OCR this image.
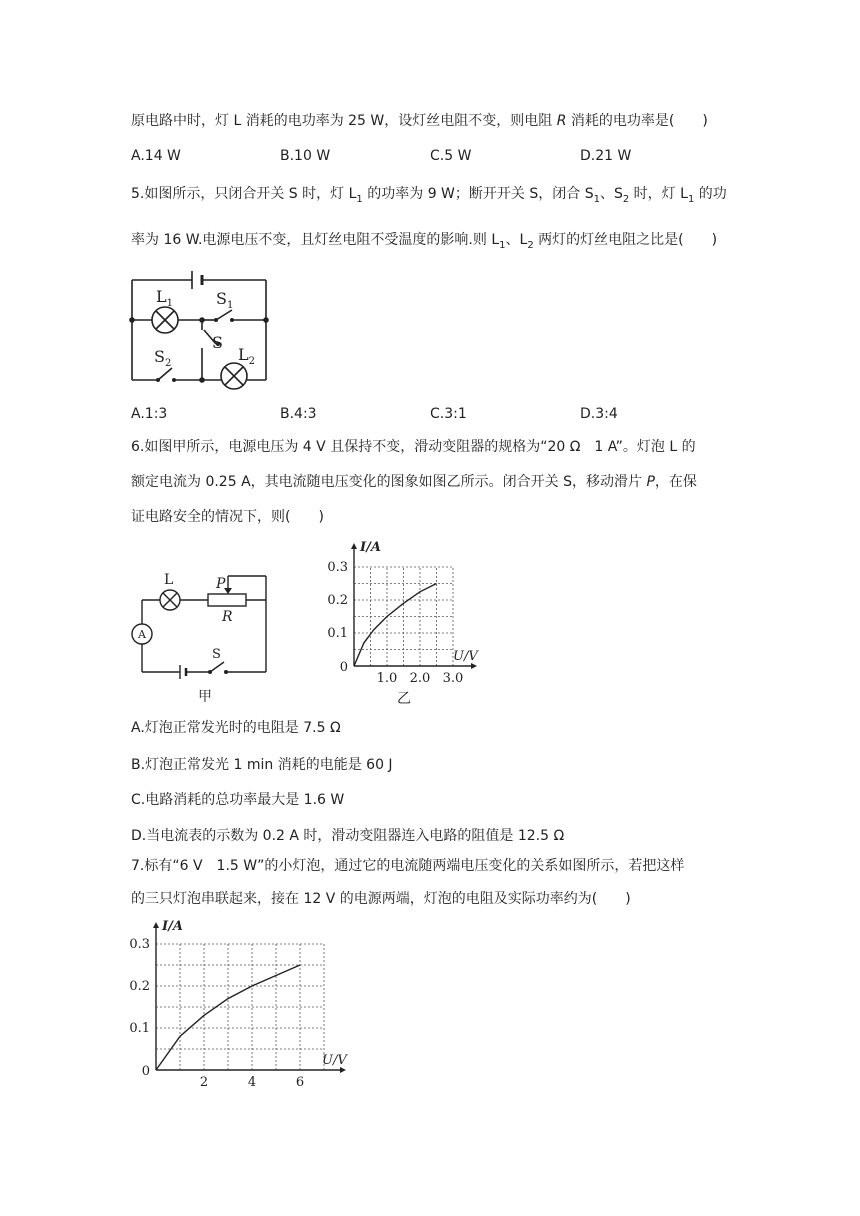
原电路中时，灯 L 消耗的电功率为 25 W，设灯丝电阻不变，则电阻 R 消耗的电功率是(　　)
A.14 W	B.10 W	C.5 W	D.21 W
5.如图所示，只闭合开关 S 时，灯 $L_1$ 的功率为 9 W；断开开关 S，闭合 $S_1$、$S_2$ 时，灯 $L_1$ 的功
率为 16 W.电源电压不变，且灯丝电阻不受温度的影响.则 $L_1$、$L_2$ 两灯的灯丝电阻之比是(　　)
$L_1$	$S_1$
S
$S_2$	$L_2$
A.1:3	B.4:3	C.3:1	D.3:4
6.如图甲所示，电源电压为 4 V 且保持不变，滑动变阻器的规格为“20 Ω　1 A”。灯泡 L 的
额定电流为 0.25 A，其电流随电压变化的图象如图乙所示。闭合开关 S，移动滑片 P，在保
证电路安全的情况下，则(　　)
L	P
R
A
S
甲
1.0 2.0 3.0
0.1
0.2
0.3
0
U/V
I/A
乙
A.灯泡正常发光时的电阻是 7.5 Ω
B.灯泡正常发光 1 min 消耗的电能是 60 J
C.电路消耗的总功率最大是 1.6 W
D.当电流表的示数为 0.2 A 时，滑动变阻器连入电路的阻值是 12.5 Ω
7.标有“6 V　1.5 W”的小灯泡，通过它的电流随两端电压变化的关系如图所示，若把这样
的三只灯泡串联起来，接在 12 V 的电源两端，灯泡的电阻及实际功率约为(　　)
2	4	6
0.1
0.2
0.3
0
U/V
I/A
